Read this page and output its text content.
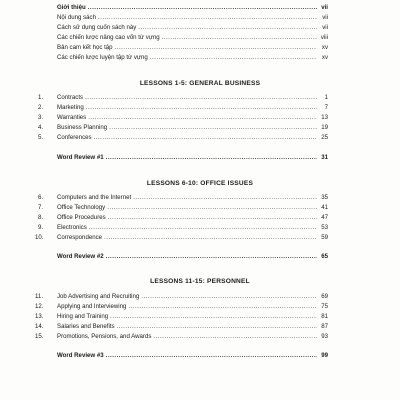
Giới thiệu .....	vii
Nội dung sách .....	vii
Cách sử dụng cuốn sách này .....	vii
Các chiến lược nâng cao vốn từ vựng .....	viii
Bản cam kết học tập .....	xv
Các chiến lược luyện tập từ vựng .....	xv
LESSONS 1-5: GENERAL BUSINESS
1. Contracts .....	1
2. Marketing .....	7
3. Warranties .....	13
4. Business Planning .....	19
5. Conferences .....	25
Word Review #1 .....	31
LESSONS 6-10: OFFICE ISSUES
6. Computers and the Internet .....	35
7. Office Technology .....	41
8. Office Procedures .....	47
9. Electronics .....	53
10. Correspondence .....	59
Word Review #2 .....	65
LESSONS 11-15: PERSONNEL
11. Job Advertising and Recruiting .....	69
12. Applying and Interviewing .....	75
13. Hiring and Training .....	81
14. Salaries and Benefits .....	87
15. Promotions, Pensions, and Awards .....	93
Word Review #3 .....	99
